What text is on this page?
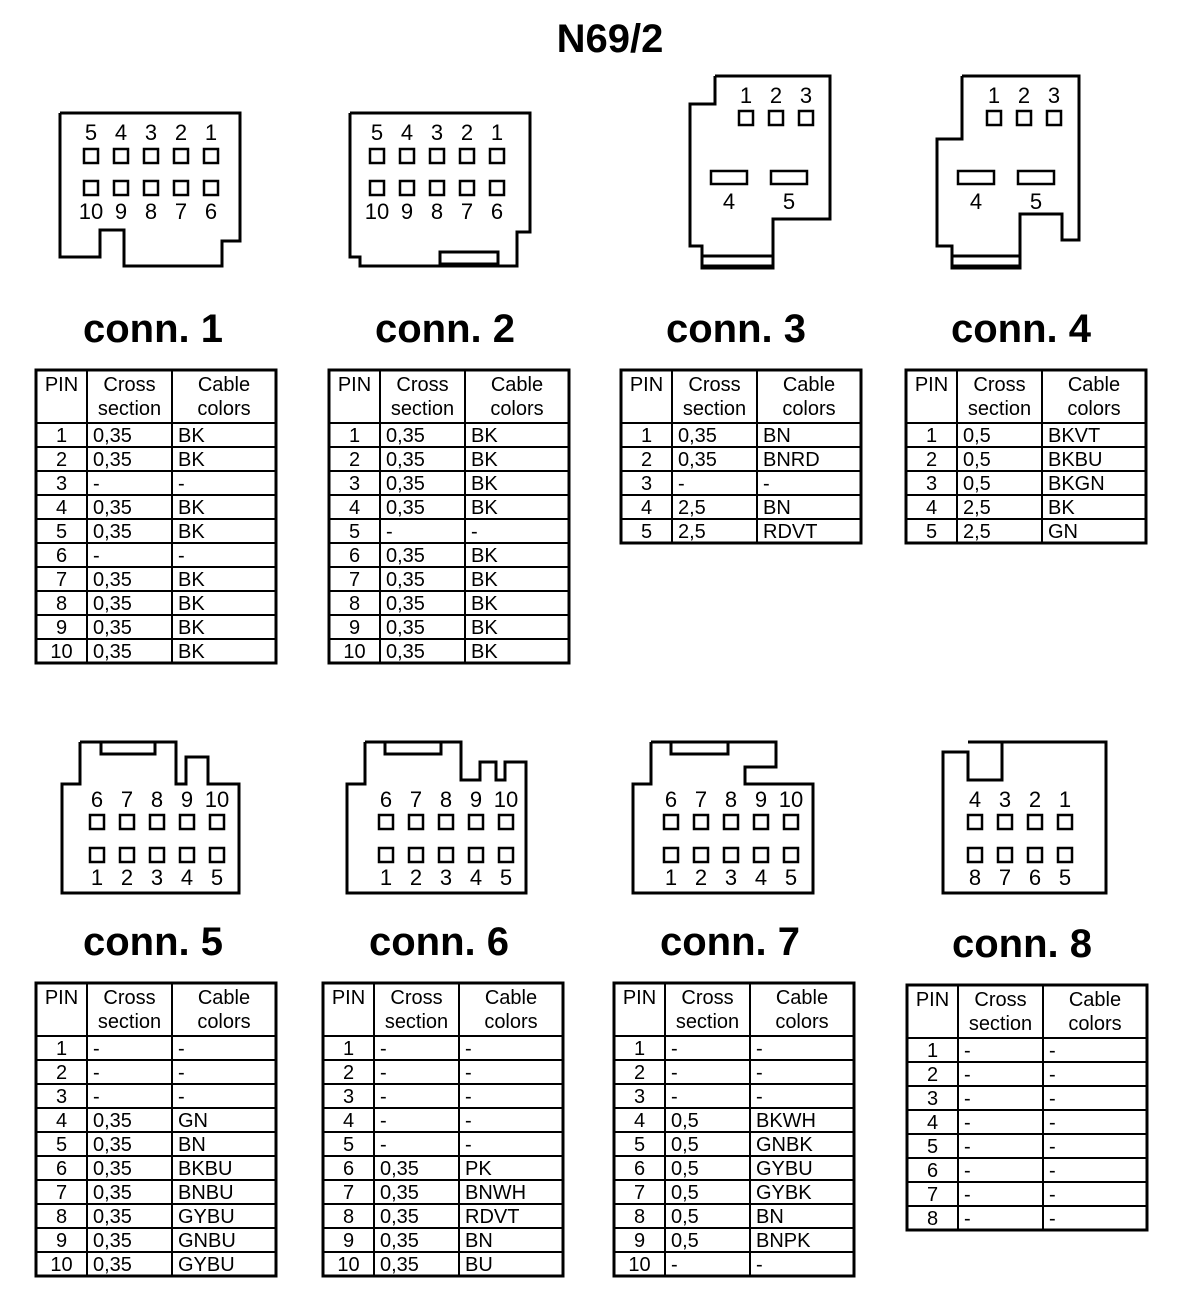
N69/2
5 4 3 2 1
10 9 8 7 6
conn. 1
PIN Cross
section
Cable
colors
1 0,35 BK
2 0,35 BK
3 -	-
4 0,35 BK
5 0,35 BK
6 -	-
7 0,35 BK
8 0,35 BK
9 0,35 BK
10 0,35 BK
5 4 3 2 1
10 9 8 7 6
conn. 2
PIN Cross
section
Cable
colors
1 0,35 BK
2 0,35 BK
3 0,35 BK
4 0,35 BK
5 -	-
6 0,35 BK
7 0,35 BK
8 0,35 BK
9 0,35 BK
10 0,35 BK
1 2 3
4 5
conn. 3
PIN Cross
section
Cable
colors
1 0,35 BN
2 0,35 BNRD
3 -	-
4 2,5	BN
5 2,5	RDVT
1 2 3
4 5
conn. 4
PIN Cross
section
Cable
colors
1 0,5	BKVT
2 0,5	BKBU
3 0,5	BKGN
4 2,5	BK
5 2,5	GN
6 7 8 9 10
1 2 3 4 5
conn. 5
PIN Cross
section
Cable
colors
1 -	-
2 -	-
3 -	-
4 0,35 GN
5 0,35 BN
6 0,35 BKBU
7 0,35 BNBU
8 0,35 GYBU
9 0,35 GNBU
10 0,35 GYBU
6 7 8 9 10
1 2 3 4 5
conn. 6
PIN Cross
section
Cable
colors
1 -	-
2 -	-
3 -	-
4 -	-
5 -	-
6 0,35 PK
7 0,35 BNWH
8 0,35 RDVT
9 0,35 BN
10 0,35 BU
6 7 8 9 10
1 2 3 4 5
conn. 7
PIN Cross
section
Cable
colors
1 -	-
2 -	-
3 -	-
4 0,5	BKWH
5 0,5	GNBK
6 0,5	GYBU
7 0,5	GYBK
8 0,5	BN
9 0,5	BNPK
10 -	-
4 3 2 1
8 7 6 5
conn. 8
PIN Cross
section
Cable
colors
1 -	-
2 -	-
3 -	-
4 -	-
5 -	-
6 -	-
7 -	-
8 -	-
